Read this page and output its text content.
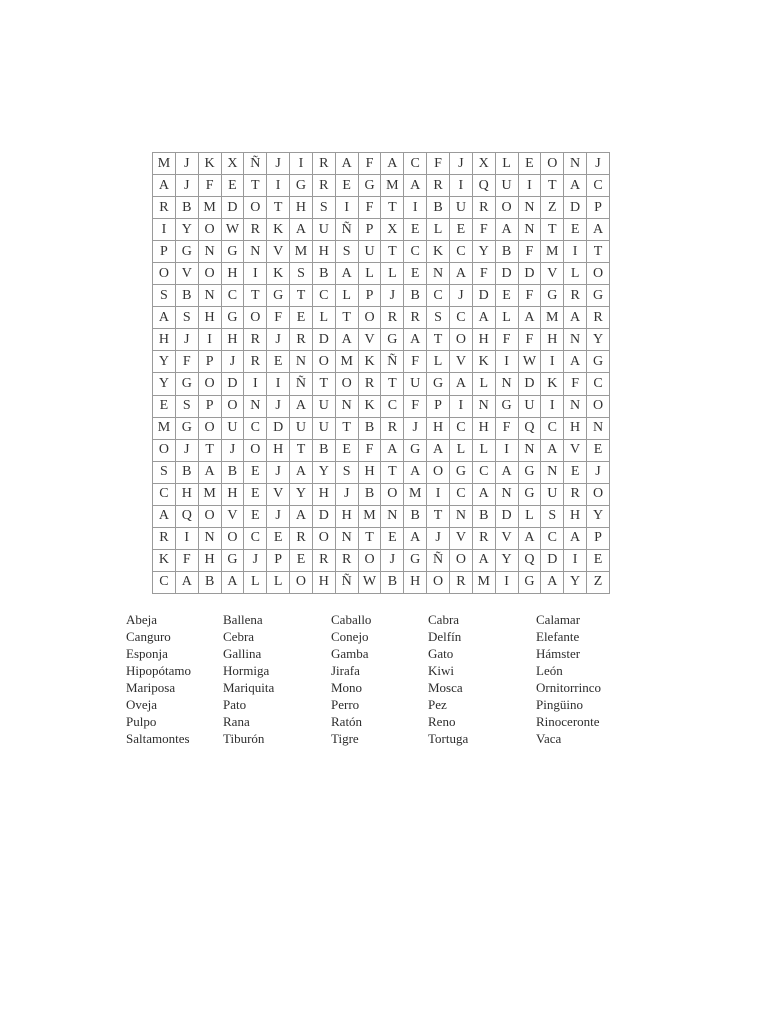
M	J	K	X	Ñ	J	I	R	A	F	A	C	F	J	X	L	E	O	N	J
A	J	F	E	T	I	G	R	E	G	M	A	R	I	Q	U	I	T	A	C
R	B	M	D	O	T	H	S	I	F	T	I	B	U	R	O	N	Z	D	P
I	Y	O	W	R	K	A	U	Ñ	P	X	E	L	E	F	A	N	T	E	A
P	G	N	G	N	V	M	H	S	U	T	C	K	C	Y	B	F	M	I	T
O	V	O	H	I	K	S	B	A	L	L	E	N	A	F	D	D	V	L	O
S	B	N	C	T	G	T	C	L	P	J	B	C	J	D	E	F	G	R	G
A	S	H	G	O	F	E	L	T	O	R	R	S	C	A	L	A	M	A	R
H	J	I	H	R	J	R	D	A	V	G	A	T	O	H	F	F	H	N	Y
Y	F	P	J	R	E	N	O	M	K	Ñ	F	L	V	K	I	W	I	A	G
Y	G	O	D	I	I	Ñ	T	O	R	T	U	G	A	L	N	D	K	F	C
E	S	P	O	N	J	A	U	N	K	C	F	P	I	N	G	U	I	N	O
M	G	O	U	C	D	U	U	T	B	R	J	H	C	H	F	Q	C	H	N
O	J	T	J	O	H	T	B	E	F	A	G	A	L	L	I	N	A	V	E
S	B	A	B	E	J	A	Y	S	H	T	A	O	G	C	A	G	N	E	J
C	H	M	H	E	V	Y	H	J	B	O	M	I	C	A	N	G	U	R	O
A	Q	O	V	E	J	A	D	H	M	N	B	T	N	B	D	L	S	H	Y
R	I	N	O	C	E	R	O	N	T	E	A	J	V	R	V	A	C	A	P
K	F	H	G	J	P	E	R	R	O	J	G	Ñ	O	A	Y	Q	D	I	E
C	A	B	A	L	L	O	H	Ñ	W	B	H	O	R	M	I	G	A	Y	Z
Abeja	Ballena	Caballo	Cabra	Calamar
Canguro	Cebra	Conejo	Delfín	Elefante
Esponja	Gallina	Gamba	Gato	Hámster
Hipopótamo	Hormiga	Jirafa	Kiwi	León
Mariposa	Mariquita	Mono	Mosca	Ornitorrinco
Oveja	Pato	Perro	Pez	Pingüino
Pulpo	Rana	Ratón	Reno	Rinoceronte
Saltamontes	Tiburón	Tigre	Tortuga	Vaca
